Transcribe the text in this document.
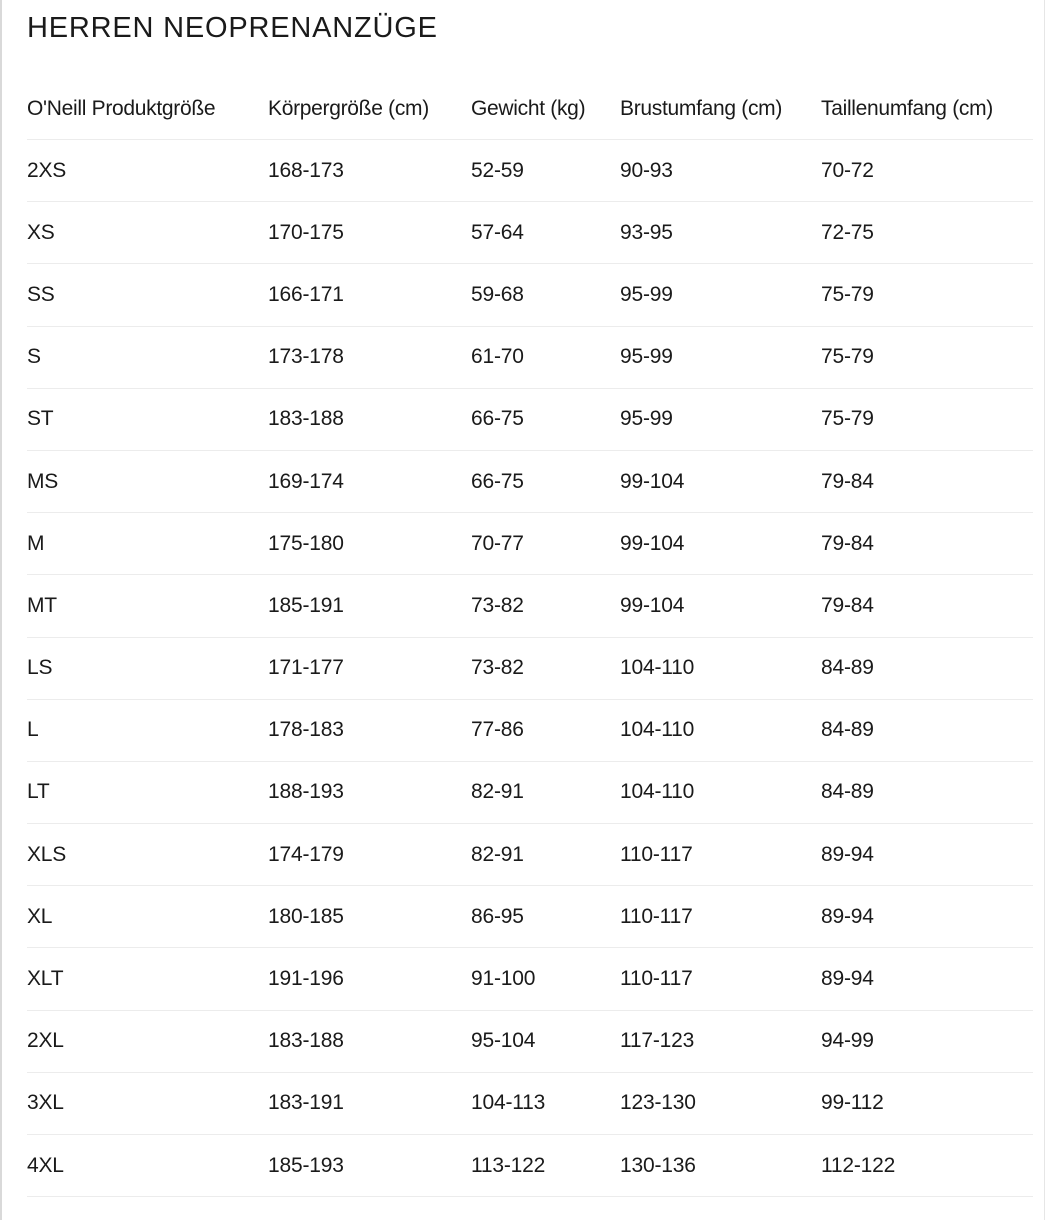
HERREN NEOPRENANZÜGE
O'Neill Produktgröße	Körpergröße (cm)	Gewicht (kg)	Brustumfang (cm)	Taillenumfang (cm)
2XS	168-173	52-59	90-93	70-72
XS	170-175	57-64	93-95	72-75
SS	166-171	59-68	95-99	75-79
S	173-178	61-70	95-99	75-79
ST	183-188	66-75	95-99	75-79
MS	169-174	66-75	99-104	79-84
M	175-180	70-77	99-104	79-84
MT	185-191	73-82	99-104	79-84
LS	171-177	73-82	104-110	84-89
L	178-183	77-86	104-110	84-89
LT	188-193	82-91	104-110	84-89
XLS	174-179	82-91	110-117	89-94
XL	180-185	86-95	110-117	89-94
XLT	191-196	91-100	110-117	89-94
2XL	183-188	95-104	117-123	94-99
3XL	183-191	104-113	123-130	99-112
4XL	185-193	113-122	130-136	112-122
